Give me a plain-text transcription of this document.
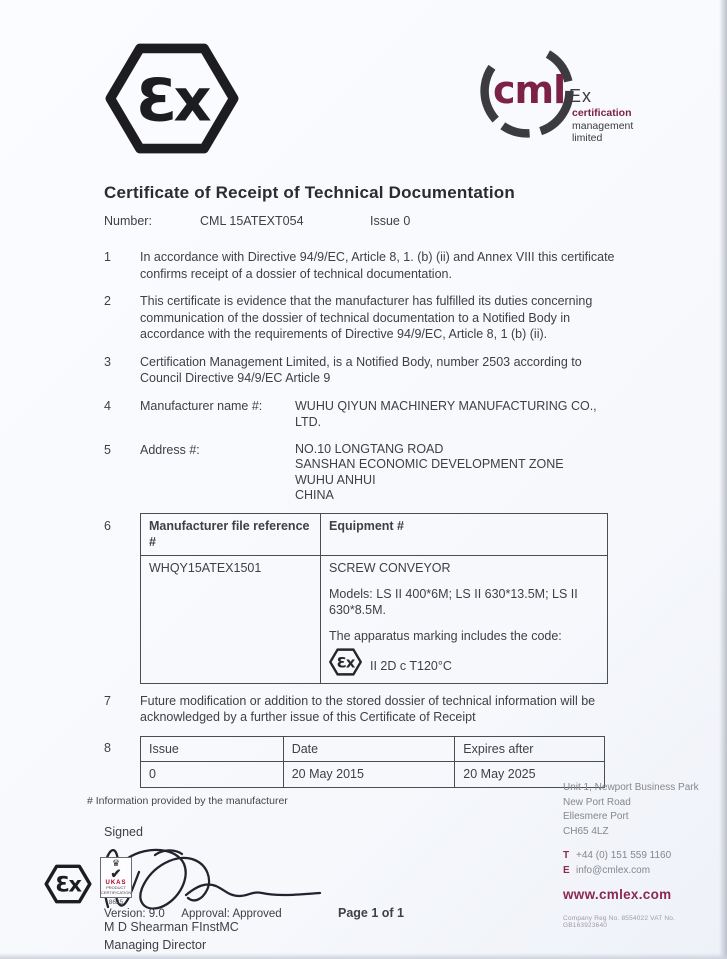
Ɛx	cml Ex
certification
management
limited
Certificate of Receipt of Technical Documentation
Number:	CML 15ATEXT054	Issue 0
1	In accordance with Directive 94/9/EC, Article 8, 1. (b) (ii) and Annex VIII this certificate confirms receipt of a dossier of technical documentation.
2	This certificate is evidence that the manufacturer has fulfilled its duties concerning communication of the dossier of technical documentation to a Notified Body in accordance with the requirements of Directive 94/9/EC, Article 8, 1 (b) (ii).
3	Certification Management Limited, is a Notified Body, number 2503 according to Council Directive 94/9/EC Article 9
4	Manufacturer name #:	WUHU QIYUN MACHINERY MANUFACTURING CO., LTD.
5	Address #:	NO.10 LONGTANG ROAD
SANSHAN ECONOMIC DEVELOPMENT ZONE
WUHU ANHUI
CHINA
6	Manufacturer file reference #	Equipment #
WHQY15ATEX1501	SCREW CONVEYOR

Models: LS II 400*6M; LS II 630*13.5M; LS II 630*8.5M.

The apparatus marking includes the code:

Ɛx II 2D c T120°C
7	Future modification or addition to the stored dossier of technical information will be acknowledged by a further issue of this Certificate of Receipt
8	Issue	Date	Expires after
0	20 May 2015	20 May 2025
# Information provided by the manufacturer
Signed
M D Shearman FInstMC
Managing Director
Ɛx
♛
✔
UKAS
PRODUCT
CERTIFICATION
8625
Version: 9.0 Approval: Approved	Page 1 of 1
Unit 1, Newport Business Park
New Port Road
Ellesmere Port
CH65 4LZ
T +44 (0) 151 559 1160
E info@cmlex.com
www.cmlex.com
Company Reg No. 8554022 VAT No. GB163923640
